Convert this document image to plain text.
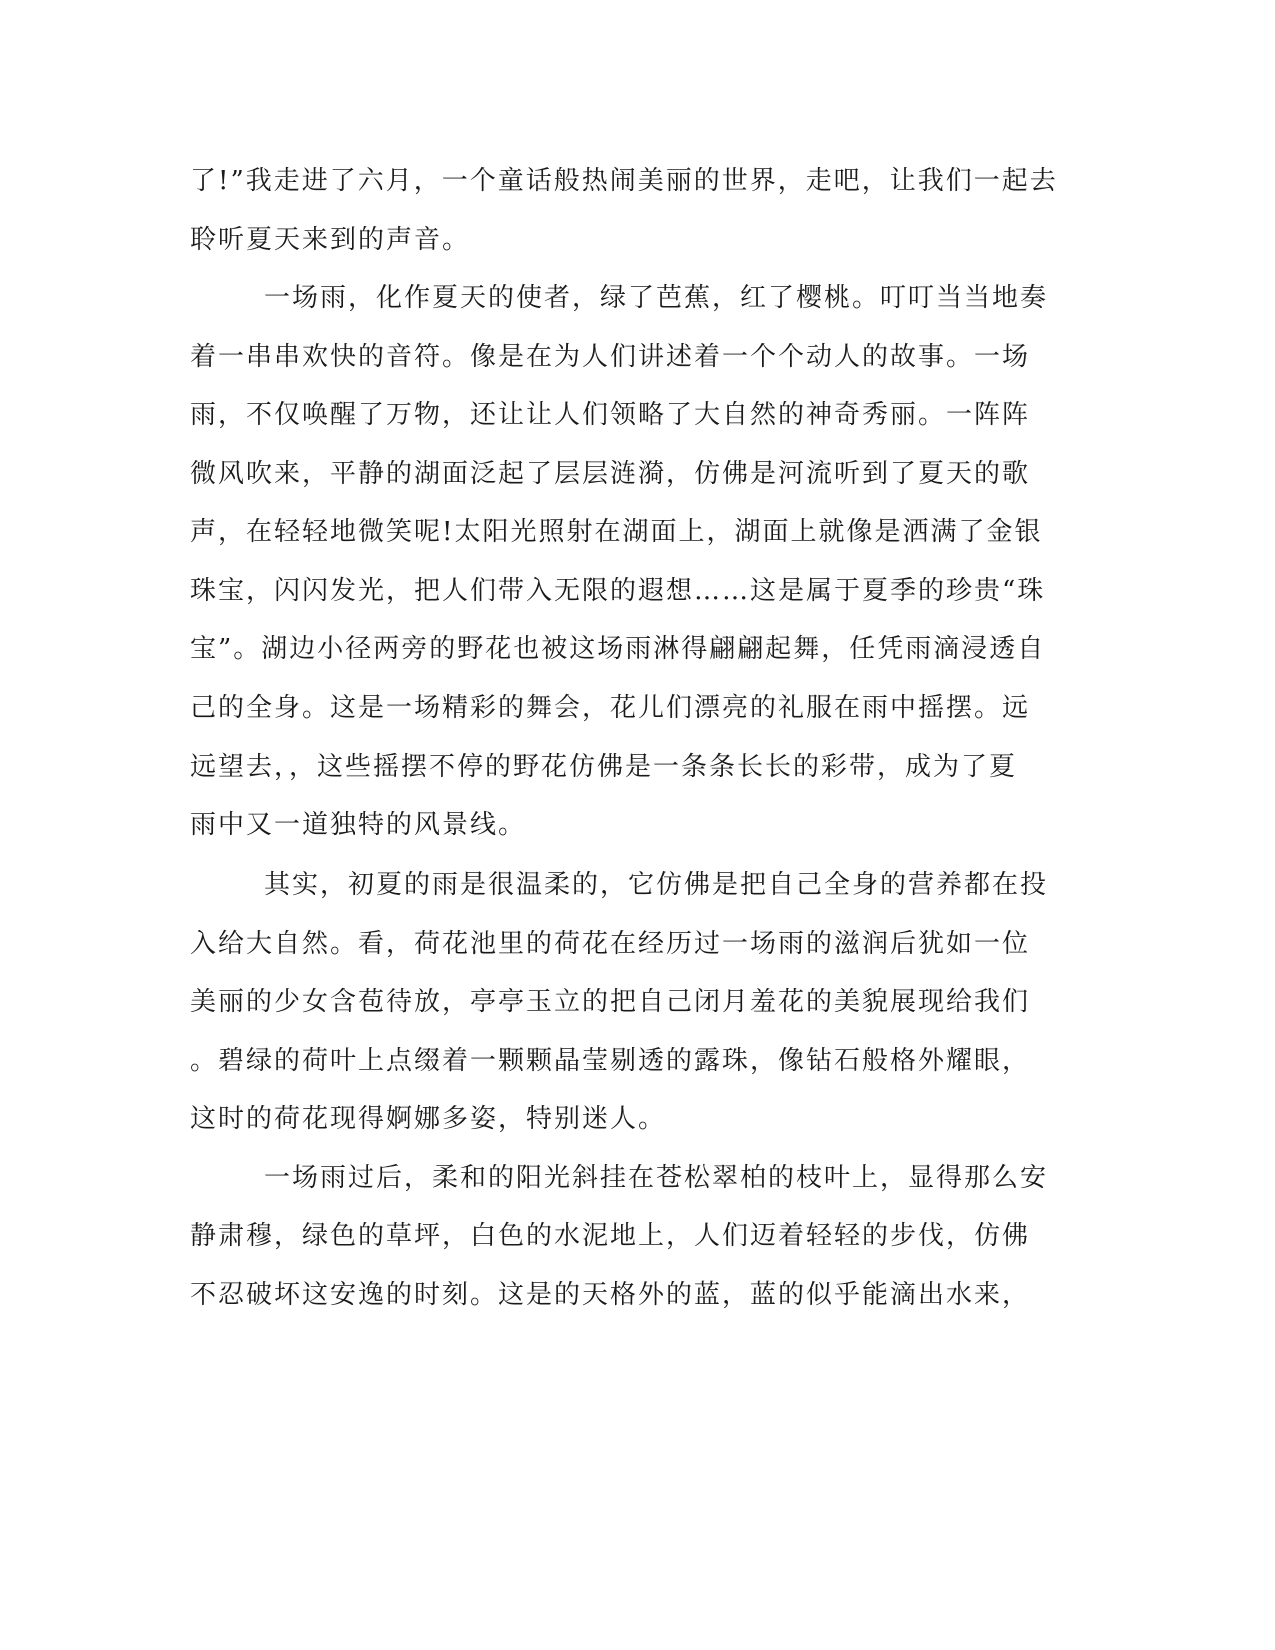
了!”我走进了六月，一个童话般热闹美丽的世界，走吧，让我们一起去
聆听夏天来到的声音。
一场雨，化作夏天的使者，绿了芭蕉，红了樱桃。叮叮当当地奏
着一串串欢快的音符。像是在为人们讲述着一个个动人的故事。一场
雨，不仅唤醒了万物，还让让人们领略了大自然的神奇秀丽。一阵阵
微风吹来，平静的湖面泛起了层层涟漪，仿佛是河流听到了夏天的歌
声，在轻轻地微笑呢!太阳光照射在湖面上，湖面上就像是洒满了金银
珠宝，闪闪发光，把人们带入无限的遐想……这是属于夏季的珍贵“珠
宝”。湖边小径两旁的野花也被这场雨淋得翩翩起舞，任凭雨滴浸透自
己的全身。这是一场精彩的舞会，花儿们漂亮的礼服在雨中摇摆。远
远望去，，这些摇摆不停的野花仿佛是一条条长长的彩带，成为了夏
雨中又一道独特的风景线。
其实，初夏的雨是很温柔的，它仿佛是把自己全身的营养都在投
入给大自然。看，荷花池里的荷花在经历过一场雨的滋润后犹如一位
美丽的少女含苞待放，亭亭玉立的把自己闭月羞花的美貌展现给我们
。碧绿的荷叶上点缀着一颗颗晶莹剔透的露珠，像钻石般格外耀眼，
这时的荷花现得婀娜多姿，特别迷人。
一场雨过后，柔和的阳光斜挂在苍松翠柏的枝叶上，显得那么安
静肃穆，绿色的草坪，白色的水泥地上，人们迈着轻轻的步伐，仿佛
不忍破坏这安逸的时刻。这是的天格外的蓝，蓝的似乎能滴出水来，
